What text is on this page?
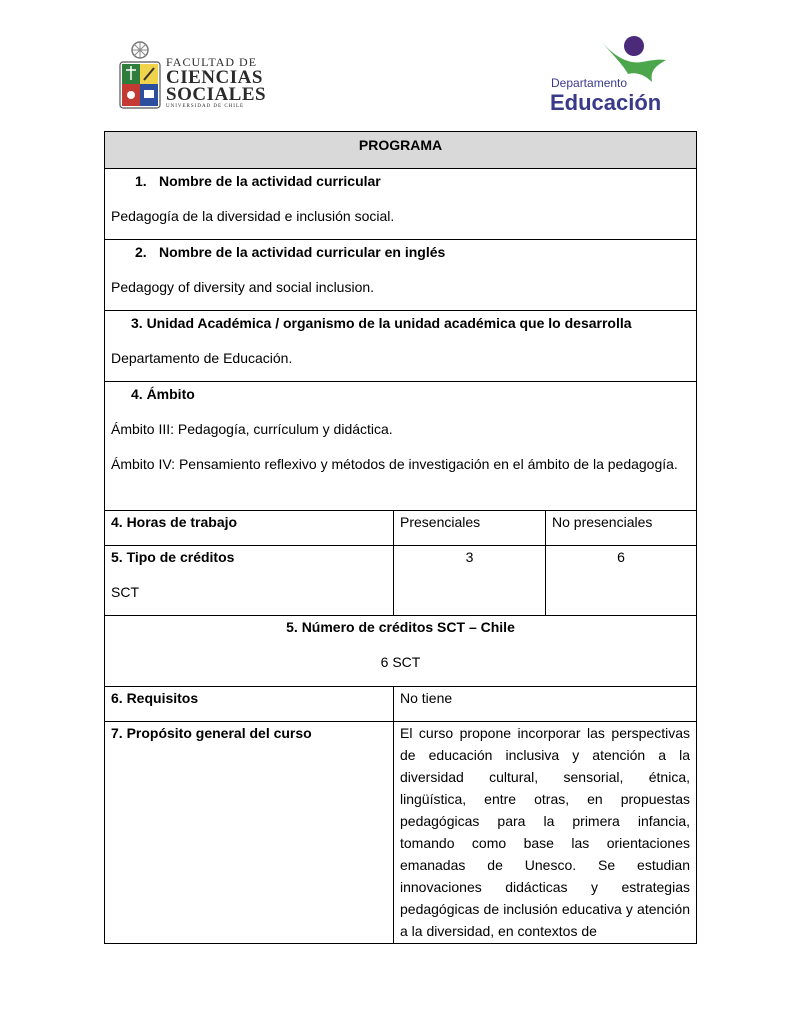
FACULTAD DE
CIENCIAS
SOCIALES
UNIVERSIDAD DE CHILE
Departamento
Educación
PROGRAMA		

1. Nombre de la actividad curricular
Pedagogía de la diversidad e inclusión social.		

2. Nombre de la actividad curricular en inglés
Pedagogy of diversity and social inclusion.		

3. Unidad Académica / organismo de la unidad académica que lo desarrolla
Departamento de Educación.		

4. Ámbito
Ámbito III: Pedagogía, currículum y didáctica.
Ámbito IV: Pensamiento reflexivo y métodos de investigación en el ámbito de la pedagogía.		

4. Horas de trabajo	Presenciales	No presenciales

5. Tipo de créditos
SCT	3	6

5. Número de créditos SCT – Chile
6 SCT		

6. Requisitos	No tiene	
7. Propósito general del curso	El curso propone incorporar las perspectivas de educación inclusiva y atención a la diversidad cultural, sensorial, étnica, lingüística, entre otras, en propuestas pedagógicas para la primera infancia, tomando como base las orientaciones emanadas de Unesco. Se estudian innovaciones didácticas y estrategias pedagógicas de inclusión educativa y atención a la diversidad, en contextos de	
